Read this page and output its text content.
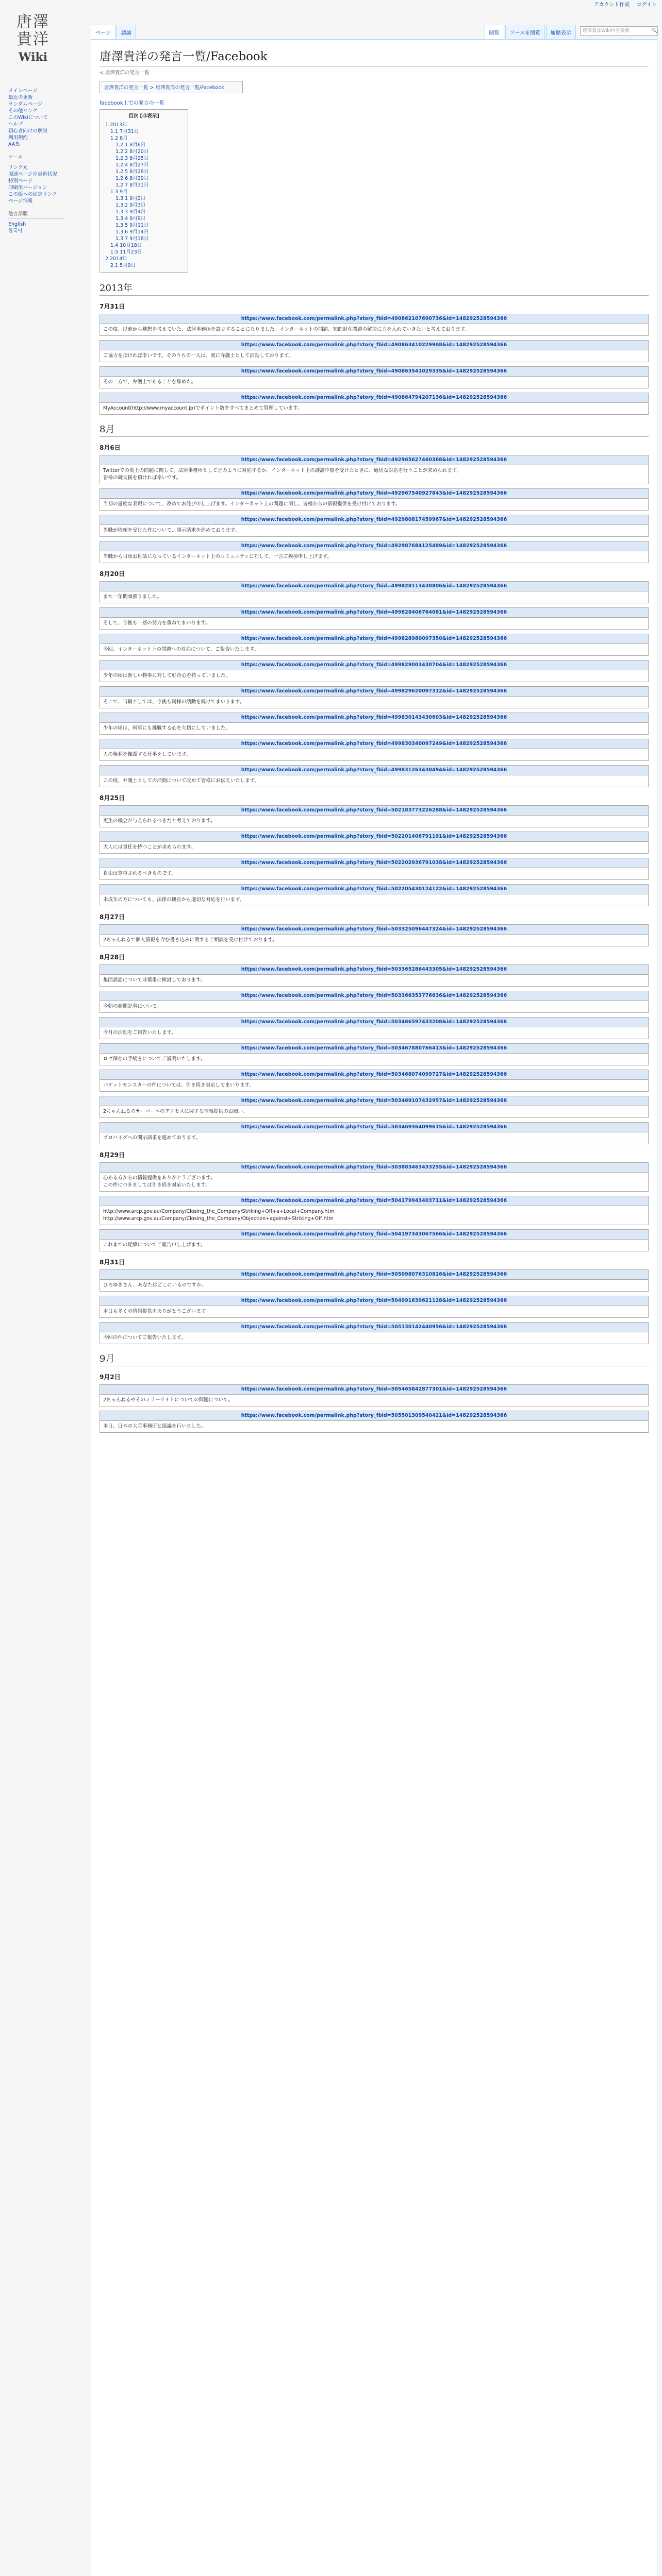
アカウント作成 ログイン
唐澤
貴洋
Wiki
メインページ
最近の更新
ランダムページ
その他リンク
このWikiについて
ヘルプ
初心者向けの解説
利用規約
AA集
ツール
リンク元
関連ページの更新状況
特別ページ
印刷用バージョン
この版への固定リンク
ページ情報
他言語版
English
한국어
ページ	議論	閲覧	ソースを閲覧	履歴表示	唐澤貴洋Wiki内を検索	🔍
唐澤貴洋の発言一覧/Facebook
< 唐澤貴洋の発言一覧
唐澤貴洋の発言一覧 > 唐澤貴洋の発言一覧/Facebook
facebook上での発言の一覧
目次 [非表示]
1 2013年
1.1 7月31日
1.2 8月
1.2.1 8月6日
1.2.2 8月20日
1.2.3 8月25日
1.2.4 8月27日
1.2.5 8月28日
1.2.6 8月29日
1.2.7 8月31日
1.3 9月
1.3.1 9月2日
1.3.2 9月3日
1.3.3 9月4日
1.3.4 9月9日
1.3.5 9月11日
1.3.6 9月14日
1.3.7 9月18日
1.4 10月18日
1.5 11月23日
2 2014年
2.1 5月9日
2013年
7月31日
https://www.facebook.com/permalink.php?story_fbid=490862107690736&id=148292528594366
この度、以前から構想を考えていた、法律事務所を設立することになりました。インターネットの問題、知的財産問題の解決に力を入れていきたいと考えております。
https://www.facebook.com/permalink.php?story_fbid=490863410229968&id=148292528594366
ご協力を頂ければ幸いです。そのうちの一人は、既に弁護士として活動しております。
https://www.facebook.com/permalink.php?story_fbid=490863541029335&id=148292528594366
その一方で、弁護士であることを辞めた。
https://www.facebook.com/permalink.php?story_fbid=490864794207136&id=148292528594366
MyAccount(http://www.myaccount.jp)でポイント数をすべてまとめて管理しています。
8月
8月6日
https://www.facebook.com/permalink.php?story_fbid=492965627460368&id=148292528594366
Twitterでの炎上の問題に関して、法律事務所としてどのように対応するか。インターネット上の誹謗中傷を受けたときに、適切な対応を行うことが求められます。
皆様の御支援を頂ければ幸いです。
https://www.facebook.com/permalink.php?story_fbid=492967540927843&id=148292528594366
当初の過度な表現について、改めてお詫び申し上げます。インターネット上の問題に関し、皆様からの情報提供を受け付けております。
https://www.facebook.com/permalink.php?story_fbid=492980817459967&id=148292528594366
当職が依頼を受けた件について、開示請求を進めております。
https://www.facebook.com/permalink.php?story_fbid=492987684125489&id=148292528594366
当職から日頃お世話になっているインターネット上のコミュニティに対して、一言ご挨拶申し上げます。
8月20日
https://www.facebook.com/permalink.php?story_fbid=499828113430806&id=148292528594366
また一年間頑張りました。
https://www.facebook.com/permalink.php?story_fbid=499828406764081&id=148292528594366
そして、今後も一層の努力を重ねてまいります。
https://www.facebook.com/permalink.php?story_fbid=499828980097350&id=148292528594366
今回、インターネット上の問題への対応について、ご報告いたします。
https://www.facebook.com/permalink.php?story_fbid=499829003430704&id=148292528594366
少年の頃は新しい物事に対して好奇心を持っていました。
https://www.facebook.com/permalink.php?story_fbid=499829620097312&id=148292528594366
そこで、当職としては、今後も同様の活動を続けてまいります。
https://www.facebook.com/permalink.php?story_fbid=499830143430603&id=148292528594366
少年の頃は、何事にも挑戦する心を大切にしていました。
https://www.facebook.com/permalink.php?story_fbid=499830340097249&id=148292528594366
人の権利を擁護する仕事をしています。
https://www.facebook.com/permalink.php?story_fbid=499831263430494&id=148292528594366
この度、弁護士としての活動について改めて皆様にお伝えいたします。
8月25日
https://www.facebook.com/permalink.php?story_fbid=502183773226288&id=148292528594366
更生の機会が与えられるべきだと考えております。
https://www.facebook.com/permalink.php?story_fbid=502201406791191&id=148292528594366
大人には責任を持つことが求められます。
https://www.facebook.com/permalink.php?story_fbid=502202936791038&id=148292528594366
自由は尊重されるべきものです。
https://www.facebook.com/permalink.php?story_fbid=502205430124122&id=148292528594366
未成年の方についても、法律の観点から適切な対応を行います。
8月27日
https://www.facebook.com/permalink.php?story_fbid=503325096447324&id=148292528594366
2ちゃんねるで個人情報を含む書き込みに関するご相談を受け付けております。
8月28日
https://www.facebook.com/permalink.php?story_fbid=503365286443305&id=148292528594366
集団訴訟については慎重に検討しております。
https://www.facebook.com/permalink.php?story_fbid=503366353776636&id=148292528594366
今朝の新聞記事について。
https://www.facebook.com/permalink.php?story_fbid=503466597433208&id=148292528594366
今月の活動をご報告いたします。
https://www.facebook.com/permalink.php?story_fbid=503467880766413&id=148292528594366
ログ保存の手続きについてご説明いたします。
https://www.facebook.com/permalink.php?story_fbid=503468074099727&id=148292528594366
パケットモンスターの件については、引き続き対応してまいります。
https://www.facebook.com/permalink.php?story_fbid=503469107432957&id=148292528594366
2ちゃんねるのサーバーへのアクセスに関する情報提供のお願い。
https://www.facebook.com/permalink.php?story_fbid=503469364099615&id=148292528594366
プロバイダへの開示請求を進めております。
8月29日
https://www.facebook.com/permalink.php?story_fbid=503883463433255&id=148292528594366
心ある方からの情報提供をありがとうございます。
この件につきましては引き続き対応いたします。
https://www.facebook.com/permalink.php?story_fbid=504179943403711&id=148292528594366
http://www.arcp.gov.au/Company/Closing_the_Company/Striking+Off+a+Local+Company.htm
http://www.arcp.gov.au/Company/Closing_the_Company/Objection+against+Striking+Off.htm
https://www.facebook.com/permalink.php?story_fbid=504197343067566&id=148292528594366
これまでの経緯についてご報告申し上げます。
8月31日
https://www.facebook.com/permalink.php?story_fbid=505098076310826&id=148292528594366
ひろゆきさん、あなたはどこにいるのですか。
https://www.facebook.com/permalink.php?story_fbid=504991639621128&id=148292528594366
本日も多くの情報提供をありがとうございます。
https://www.facebook.com/permalink.php?story_fbid=505130142440956&id=148292528594366
今回の件についてご報告いたします。
9月
9月2日
https://www.facebook.com/permalink.php?story_fbid=505465842877301&id=148292528594366
2ちゃんねるやそのミラーサイトについての問題について。
https://www.facebook.com/permalink.php?story_fbid=505501309540421&id=148292528594366
本日、日本の大手事務所と協議を行いました。
